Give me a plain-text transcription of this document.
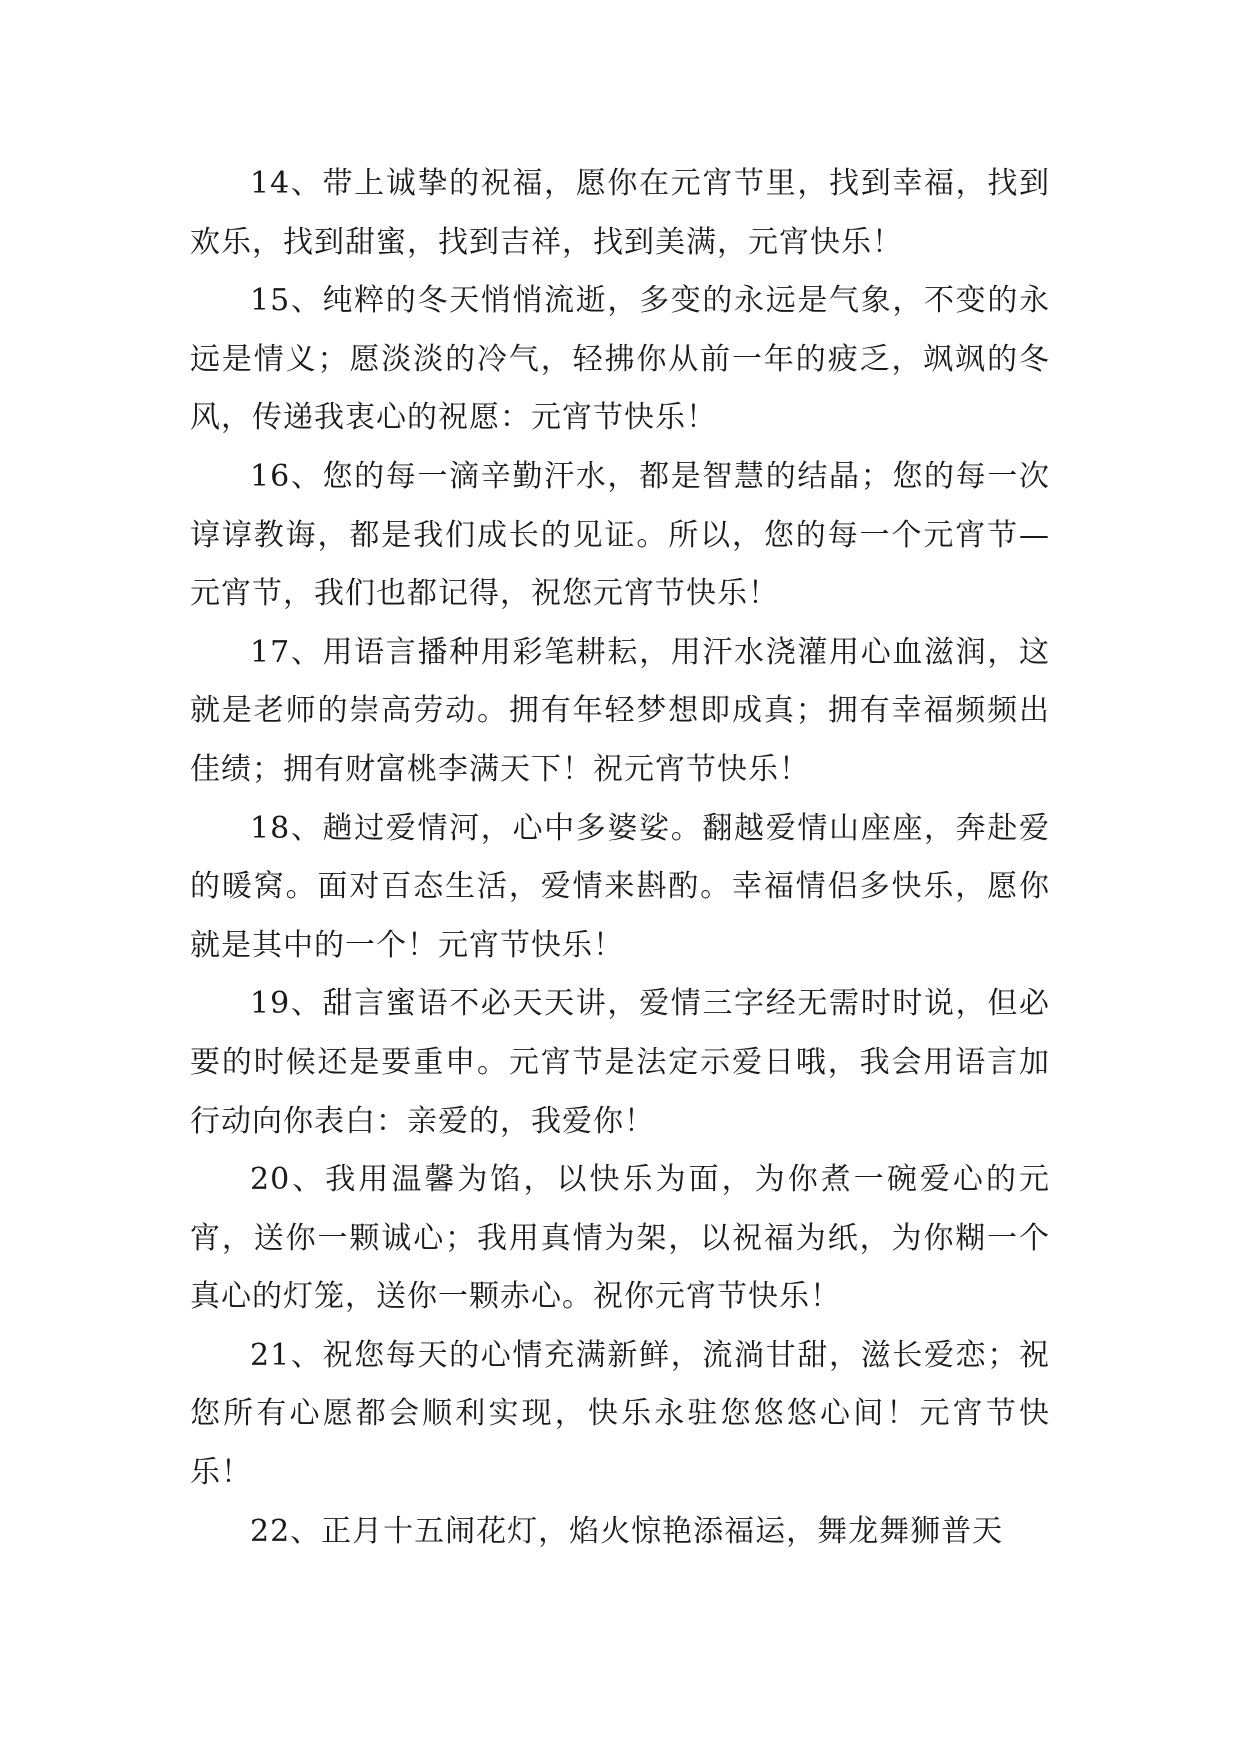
14、带上诚挚的祝福，愿你在元宵节里，找到幸福，找到欢乐，找到甜蜜，找到吉祥，找到美满，元宵快乐！

15、纯粹的冬天悄悄流逝，多变的永远是气象，不变的永远是情义；愿淡淡的冷气，轻拂你从前一年的疲乏，飒飒的冬风，传递我衷心的祝愿：元宵节快乐！

16、您的每一滴辛勤汗水，都是智慧的结晶；您的每一次谆谆教诲，都是我们成长的见证。所以，您的每一个元宵节—元宵节，我们也都记得，祝您元宵节快乐！

17、用语言播种用彩笔耕耘，用汗水浇灌用心血滋润，这就是老师的崇高劳动。拥有年轻梦想即成真；拥有幸福频频出佳绩；拥有财富桃李满天下！祝元宵节快乐！

18、趟过爱情河，心中多婆娑。翻越爱情山座座，奔赴爱的暖窝。面对百态生活，爱情来斟酌。幸福情侣多快乐，愿你就是其中的一个！元宵节快乐！

19、甜言蜜语不必天天讲，爱情三字经无需时时说，但必要的时候还是要重申。元宵节是法定示爱日哦，我会用语言加行动向你表白：亲爱的，我爱你！

20、我用温馨为馅，以快乐为面，为你煮一碗爱心的元宵，送你一颗诚心；我用真情为架，以祝福为纸，为你糊一个真心的灯笼，送你一颗赤心。祝你元宵节快乐！

21、祝您每天的心情充满新鲜，流淌甘甜，滋长爱恋；祝您所有心愿都会顺利实现，快乐永驻您悠悠心间！元宵节快乐！

22、正月十五闹花灯，焰火惊艳添福运，舞龙舞狮普天
